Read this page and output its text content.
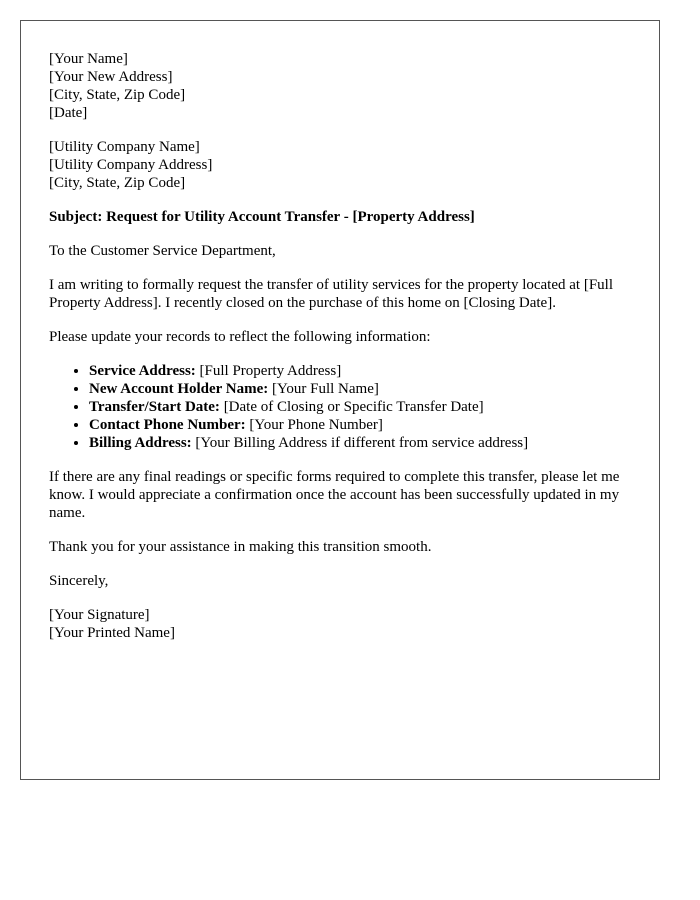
[Your Name]
[Your New Address]
[City, State, Zip Code]
[Date]
[Utility Company Name]
[Utility Company Address]
[City, State, Zip Code]

Subject: Request for Utility Account Transfer - [Property Address]

To the Customer Service Department,

I am writing to formally request the transfer of utility services for the property located at [Full Property Address]. I recently closed on the purchase of this home on [Closing Date].

Please update your records to reflect the following information:

• Service Address: [Full Property Address]
• New Account Holder Name: [Your Full Name]
• Transfer/Start Date: [Date of Closing or Specific Transfer Date]
• Contact Phone Number: [Your Phone Number]
• Billing Address: [Your Billing Address if different from service address]

If there are any final readings or specific forms required to complete this transfer, please let me know. I would appreciate a confirmation once the account has been successfully updated in my name.

Thank you for your assistance in making this transition smooth.

Sincerely,

[Your Signature]
[Your Printed Name]
